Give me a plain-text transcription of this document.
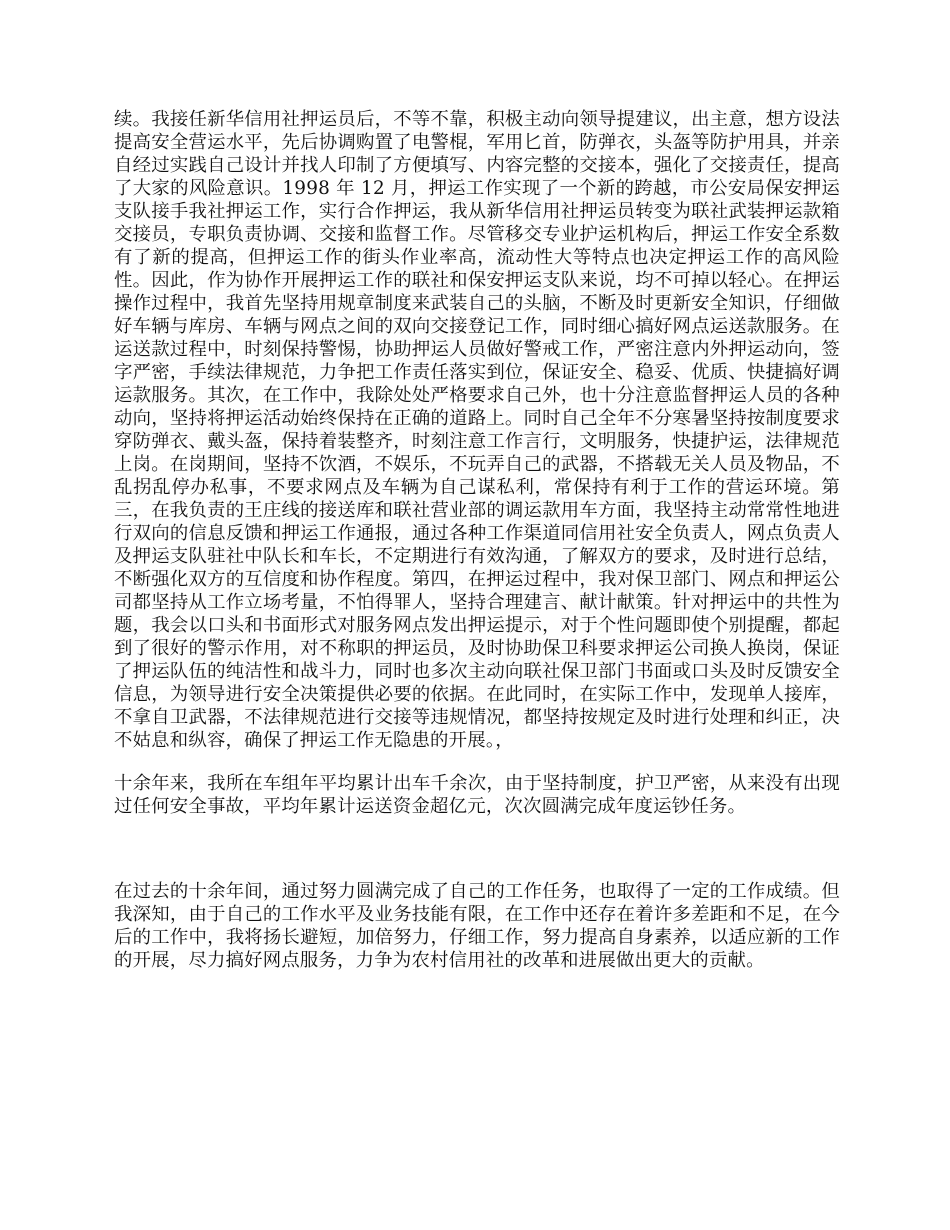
续。我接任新华信用社押运员后，不等不靠，积极主动向领导提建议，出主意，想方设法提高安全营运水平，先后协调购置了电警棍，军用匕首，防弹衣，头盔等防护用具，并亲自经过实践自己设计并找人印制了方便填写、内容完整的交接本，强化了交接责任，提高了大家的风险意识。1998 年 12 月，押运工作实现了一个新的跨越，市公安局保安押运支队接手我社押运工作，实行合作押运，我从新华信用社押运员转变为联社武装押运款箱交接员，专职负责协调、交接和监督工作。尽管移交专业护运机构后，押运工作安全系数有了新的提高，但押运工作的街头作业率高，流动性大等特点也决定押运工作的高风险性。因此，作为协作开展押运工作的联社和保安押运支队来说，均不可掉以轻心。在押运操作过程中，我首先坚持用规章制度来武装自己的头脑，不断及时更新安全知识，仔细做好车辆与库房、车辆与网点之间的双向交接登记工作，同时细心搞好网点运送款服务。在运送款过程中，时刻保持警惕，协助押运人员做好警戒工作，严密注意内外押运动向，签字严密，手续法律规范，力争把工作责任落实到位，保证安全、稳妥、优质、快捷搞好调运款服务。其次，在工作中，我除处处严格要求自己外，也十分注意监督押运人员的各种动向，坚持将押运活动始终保持在正确的道路上。同时自己全年不分寒暑坚持按制度要求穿防弹衣、戴头盔，保持着装整齐，时刻注意工作言行，文明服务，快捷护运，法律规范上岗。在岗期间，坚持不饮酒，不娱乐，不玩弄自己的武器，不搭载无关人员及物品，不乱拐乱停办私事，不要求网点及车辆为自己谋私利，常保持有利于工作的营运环境。第三，在我负责的王庄线的接送库和联社营业部的调运款用车方面，我坚持主动常常性地进行双向的信息反馈和押运工作通报，通过各种工作渠道同信用社安全负责人，网点负责人及押运支队驻社中队长和车长，不定期进行有效沟通，了解双方的要求，及时进行总结，不断强化双方的互信度和协作程度。第四，在押运过程中，我对保卫部门、网点和押运公司都坚持从工作立场考量，不怕得罪人，坚持合理建言、献计献策。针对押运中的共性为题，我会以口头和书面形式对服务网点发出押运提示，对于个性问题即使个别提醒，都起到了很好的警示作用，对不称职的押运员，及时协助保卫科要求押运公司换人换岗，保证了押运队伍的纯洁性和战斗力，同时也多次主动向联社保卫部门书面或口头及时反馈安全信息，为领导进行安全决策提供必要的依据。在此同时，在实际工作中，发现单人接库，不拿自卫武器，不法律规范进行交接等违规情况，都坚持按规定及时进行处理和纠正，决不姑息和纵容，确保了押运工作无隐患的开展。，

十余年来，我所在车组年平均累计出车千余次，由于坚持制度，护卫严密，从来没有出现过任何安全事故，平均年累计运送资金超亿元，次次圆满完成年度运钞任务。

在过去的十余年间，通过努力圆满完成了自己的工作任务，也取得了一定的工作成绩。但我深知，由于自己的工作水平及业务技能有限，在工作中还存在着许多差距和不足，在今后的工作中，我将扬长避短，加倍努力，仔细工作，努力提高自身素养，以适应新的工作的开展，尽力搞好网点服务，力争为农村信用社的改革和进展做出更大的贡献。
